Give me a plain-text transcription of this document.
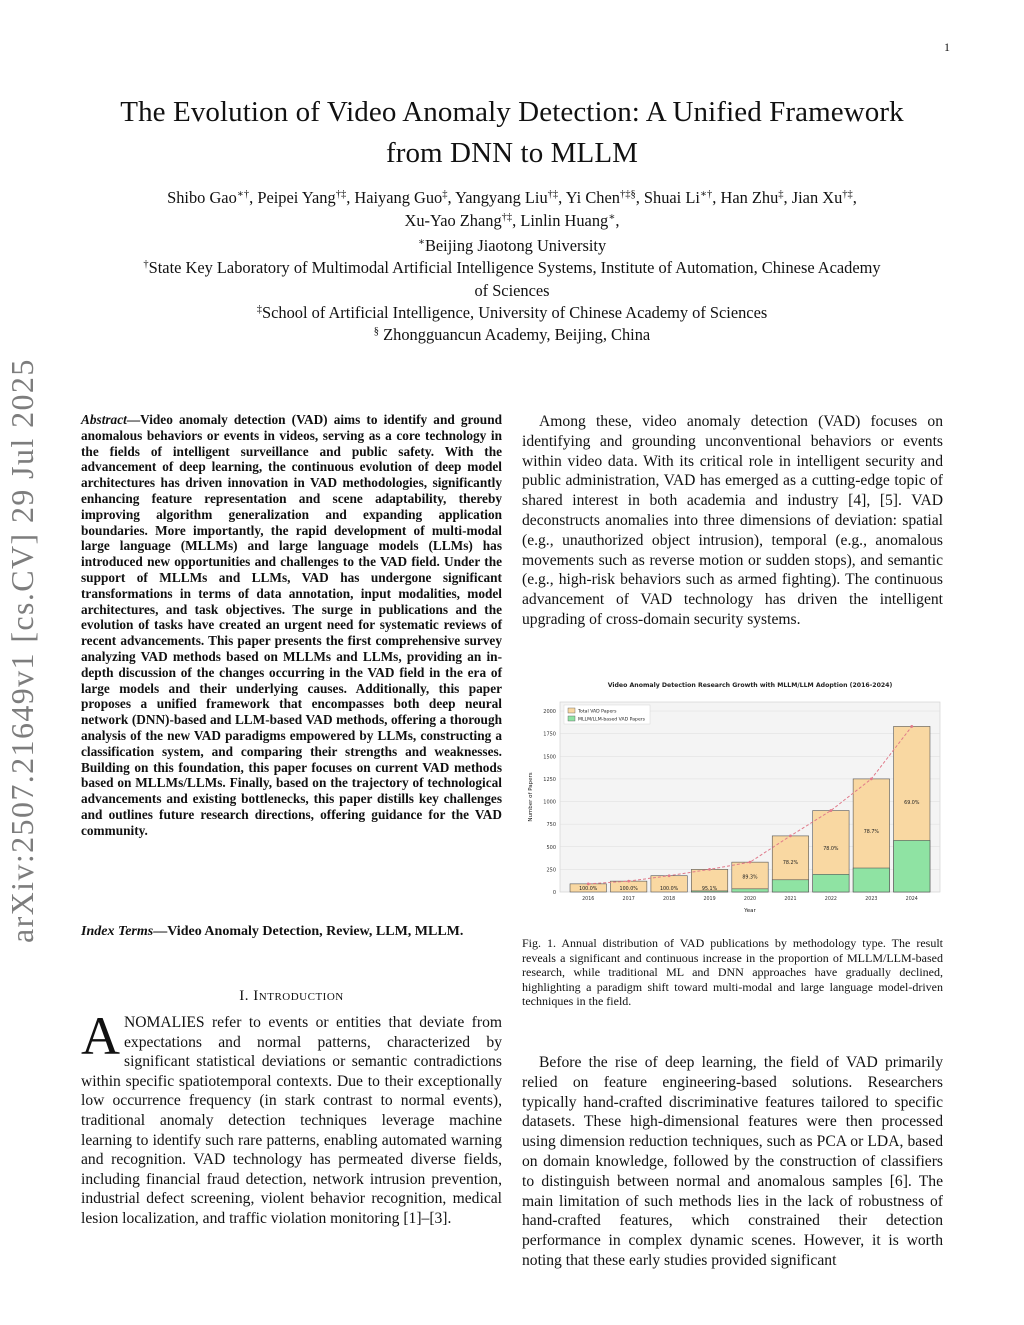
1
arXiv:2507.21649v1 [cs.CV] 29 Jul 2025
The Evolution of Video Anomaly Detection: A Unified Framework
from DNN to MLLM
Shibo Gao∗†, Peipei Yang†‡, Haiyang Guo‡, Yangyang Liu†‡, Yi Chen†‡§, Shuai Li∗†, Han Zhu‡, Jian Xu†‡,
Xu-Yao Zhang†‡, Linlin Huang∗,
∗Beijing Jiaotong University
†State Key Laboratory of Multimodal Artificial Intelligence Systems, Institute of Automation, Chinese Academy
of Sciences
‡School of Artificial Intelligence, University of Chinese Academy of Sciences
§ Zhongguancun Academy, Beijing, China
Abstract—Video anomaly detection (VAD) aims to identify and ground anomalous behaviors or events in videos, serving as a core technology in the fields of intelligent surveillance and public safety. With the advancement of deep learning, the continuous evolution of deep model architectures has driven innovation in VAD methodologies, significantly enhancing feature representation and scene adaptability, thereby improving algorithm generalization and expanding application boundaries. More importantly, the rapid development of multi-modal large language (MLLMs) and large language models (LLMs) has introduced new opportunities and challenges to the VAD field. Under the support of MLLMs and LLMs, VAD has undergone significant transformations in terms of data annotation, input modalities, model architectures, and task objectives. The surge in publications and the evolution of tasks have created an urgent need for systematic reviews of recent advancements. This paper presents the first comprehensive survey analyzing VAD methods based on MLLMs and LLMs, providing an in-depth discussion of the changes occurring in the VAD field in the era of large models and their underlying causes. Additionally, this paper proposes a unified framework that encompasses both deep neural network (DNN)-based and LLM-based VAD methods, offering a thorough analysis of the new VAD paradigms empowered by LLMs, constructing a classification system, and comparing their strengths and weaknesses. Building on this foundation, this paper focuses on current VAD methods based on MLLMs/LLMs. Finally, based on the trajectory of technological advancements and existing bottlenecks, this paper distills key challenges and outlines future research directions, offering guidance for the VAD community.
Index Terms—Video Anomaly Detection, Review, LLM, MLLM.
I. Introduction
ANOMALIES refer to events or entities that deviate from expectations and normal patterns, characterized by significant statistical deviations or semantic contradictions within specific spatiotemporal contexts. Due to their exceptionally low occurrence frequency (in stark contrast to normal events), traditional anomaly detection techniques leverage machine learning to identify such rare patterns, enabling automated warning and recognition. VAD technology has permeated diverse fields, including financial fraud detection, network intrusion prevention, industrial defect screening, violent behavior recognition, medical lesion localization, and traffic violation monitoring [1]–[3].
Among these, video anomaly detection (VAD) focuses on identifying and grounding unconventional behaviors or events within video data. With its critical role in intelligent security and public administration, VAD has emerged as a cutting-edge topic of shared interest in both academia and industry [4], [5]. VAD deconstructs anomalies into three dimensions of deviation: spatial (e.g., unauthorized object intrusion), temporal (e.g., anomalous movements such as reverse motion or sudden stops), and semantic (e.g., high-risk behaviors such as armed fighting). The continuous advancement of VAD technology has driven the intelligent upgrading of cross-domain security systems.
Video Anomaly Detection Research Growth with MLLM/LLM Adoption (2016-2024)
0
250
500
750
1000
1250
1500
1750
2000
Number of Papers
Year
2016
100.0%
2017
100.0%
2018
100.0%
2019
95.1%
2020
89.3%
2021
78.2%
2022
78.0%
2023
78.7%
2024
69.0%
Total VAD Papers
MLLM/LLM-based VAD Papers
Fig. 1. Annual distribution of VAD publications by methodology type. The result reveals a significant and continuous increase in the proportion of MLLM/LLM-based research, while traditional ML and DNN approaches have gradually declined, highlighting a paradigm shift toward multi-modal and large language model-driven techniques in the field.
Before the rise of deep learning, the field of VAD primarily relied on feature engineering-based solutions. Researchers typically hand-crafted discriminative features tailored to specific datasets. These high-dimensional features were then processed using dimension reduction techniques, such as PCA or LDA, based on domain knowledge, followed by the construction of classifiers to distinguish between normal and anomalous samples [6]. The main limitation of such methods lies in the lack of robustness of hand-crafted features, which constrained their detection performance in complex dynamic scenes. However, it is worth noting that these early studies provided significant
